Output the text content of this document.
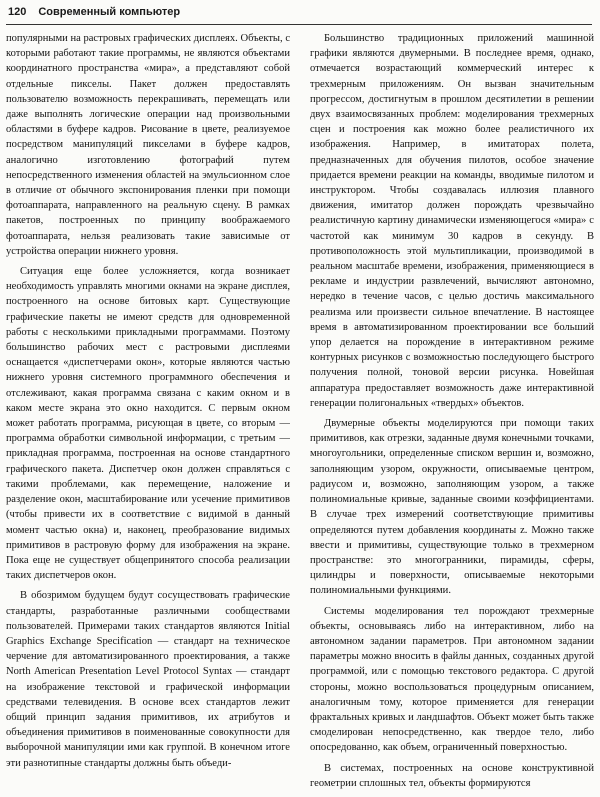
120 Современный компьютер

популярными на растровых графических дисплеях. Объекты, с которыми работают такие программы, не являются объектами координатного пространства «мира», а представляют собой отдельные пикселы. Пакет должен предоставлять пользователю возможность перекрашивать, перемещать или даже выполнять логические операции над произвольными областями в буфере кадров. Рисование в цвете, реализуемое посредством манипуляций пикселами в буфере кадров, аналогично изготовлению фотографий путем непосредственного изменения областей на эмульсионном слое в отличие от обычного экспонирования пленки при помощи фотоаппарата, направленного на реальную сцену. В рамках пакетов, построенных по принципу воображаемого фотоаппарата, нельзя реализовать такие зависимые от устройства операции нижнего уровня.

Ситуация еще более усложняется, когда возникает необходимость управлять многими окнами на экране дисплея, построенного на основе битовых карт. Существующие графические пакеты не имеют средств для одновременной работы с несколькими прикладными программами. Поэтому большинство рабочих мест с растровыми дисплеями оснащается «диспетчерами окон», которые являются частью нижнего уровня системного программного обеспечения и отслеживают, какая программа связана с каким окном и в каком месте экрана это окно находится. С первым окном может работать программа, рисующая в цвете, со вторым — программа обработки символьной информации, с третьим — прикладная программа, построенная на основе стандартного графического пакета. Диспетчер окон должен справляться с такими проблемами, как перемещение, наложение и разделение окон, масштабирование или усечение примитивов (чтобы привести их в соответствие с видимой в данный момент частью окна) и, наконец, преобразование видимых примитивов в растровую форму для изображения на экране. Пока еще не существует общепринятого способа реализации таких диспетчеров окон.

В обозримом будущем будут сосуществовать графические стандарты, разработанные различными сообществами пользователей. Примерами таких стандартов являются Initial Graphics Exchange Specification — стандарт на техническое черчение для автоматизированного проектирования, а также North American Presentation Level Protocol Syntax — стандарт на изображение текстовой и графической информации средствами телевидения. В основе всех стандартов лежит общий принцип задания примитивов, их атрибутов и объединения примитивов в поименованные совокупности для выборочной манипуляции ими как группой. В конечном итоге эти разнотипные стандарты должны быть объеди-

Большинство традиционных приложений машинной графики являются двумерными. В последнее время, однако, отмечается возрастающий коммерческий интерес к трехмерным приложениям. Он вызван значительным прогрессом, достигнутым в прошлом десятилетии в решении двух взаимосвязанных проблем: моделирования трехмерных сцен и построения как можно более реалистичного их изображения. Например, в имитаторах полета, предназначенных для обучения пилотов, особое значение придается времени реакции на команды, вводимые пилотом и инструктором. Чтобы создавалась иллюзия плавного движения, имитатор должен порождать чрезвычайно реалистичную картину динамически изменяющегося «мира» с частотой как минимум 30 кадров в секунду. В противоположность этой мультипликации, производимой в реальном масштабе времени, изображения, применяющиеся в рекламе и индустрии развлечений, вычисляют автономно, нередко в течение часов, с целью достичь максимального реализма или произвести сильное впечатление. В настоящее время в автоматизированном проектировании все больший упор делается на порождение в интерактивном режиме контурных рисунков с возможностью последующего быстрого получения полной, тоновой версии рисунка. Новейшая аппаратура предоставляет возможность даже интерактивной генерации полигональных «твердых» объектов.

Двумерные объекты моделируются при помощи таких примитивов, как отрезки, заданные двумя конечными точками, многоугольники, определенные списком вершин и, возможно, заполняющим узором, окружности, описываемые центром, радиусом и, возможно, заполняющим узором, а также полиномиальные кривые, заданные своими коэффициентами. В случае трех измерений соответствующие примитивы определяются путем добавления координаты z. Можно также ввести и примитивы, существующие только в трехмерном пространстве: это многогранники, пирамиды, сферы, цилиндры и поверхности, описываемые некоторыми полиномиальными функциями.

Системы моделирования тел порождают трехмерные объекты, основываясь либо на интерактивном, либо на автономном задании параметров. При автономном задании параметры можно вносить в файлы данных, созданных другой программой, или с помощью текстового редактора. С другой стороны, можно воспользоваться процедурным описанием, аналогичным тому, которое применяется для генерации фрактальных кривых и ландшафтов. Объект может быть также смоделирован непосредственно, как твердое тело, либо опосредованно, как объем, ограниченный поверхностью.

В системах, построенных на основе конструктивной геометрии сплошных тел, объекты формируются
